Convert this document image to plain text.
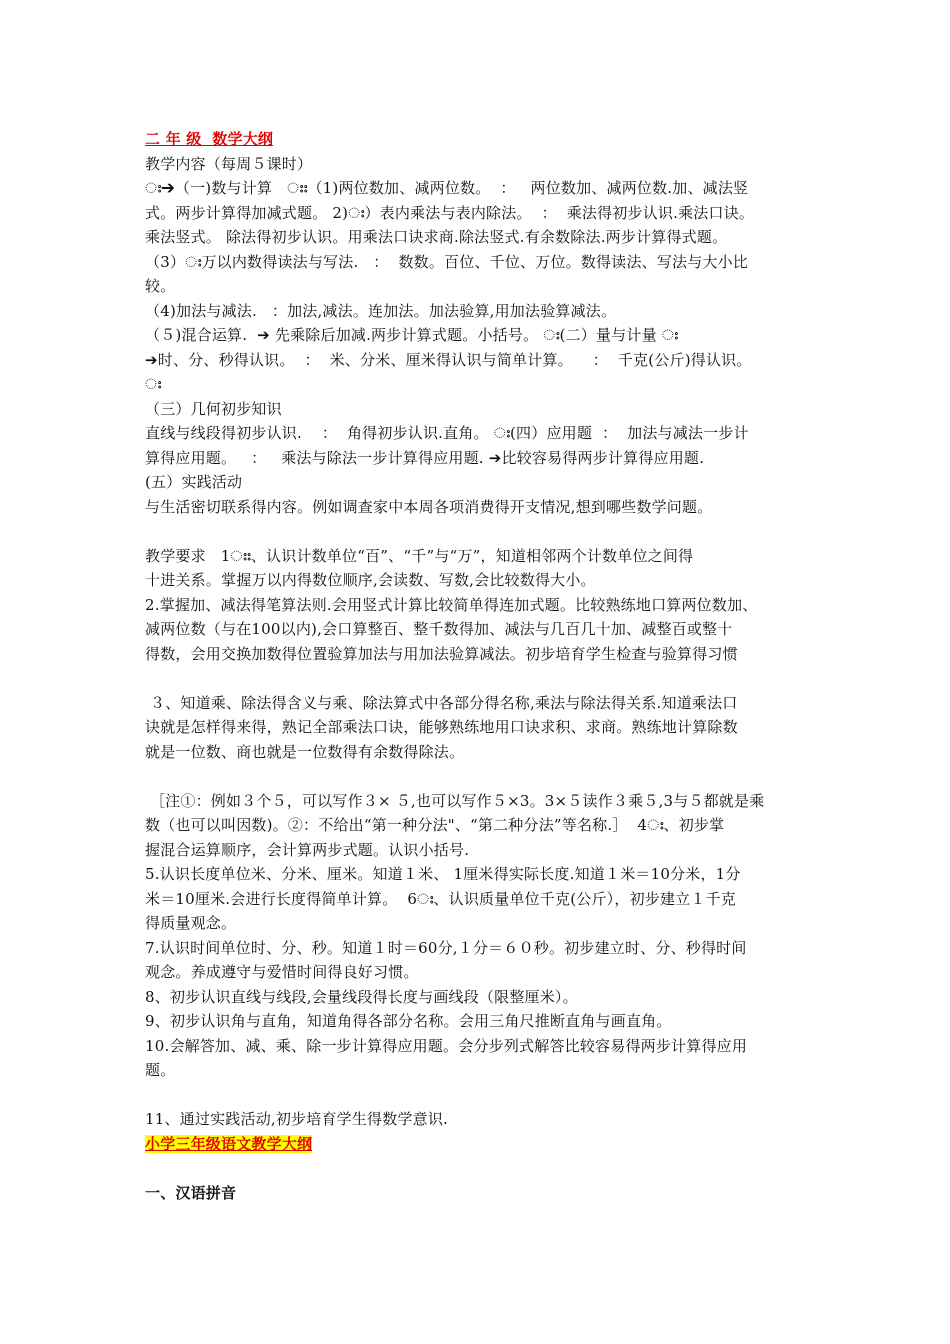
二 年 级  数学大纲
教学内容（每周５课时）
ഃ➔（一)数与计算   ഃഃ（1)两位数加、减两位数。  ：   两位数加、减两位数.加、减法竖
式。两步计算得加减式题。 2)ഃ）表内乘法与表内除法。  ：  乘法得初步认识.乘法口诀。
乘法竖式。 除法得初步认识。用乘法口诀求商.除法竖式.有余数除法.两步计算得式题。
（3）ഃ万以内数得读法与写法.   ：  数数。百位、千位、万位。数得读法、写法与大小比
较。
（4)加法与减法.   ：加法,减法。连加法。加法验算,用加法验算减法。
（５)混合运算.  ➔ 先乘除后加减.两步计算式题。小括号。 ഃ(二）量与计量 ഃ
➔时、分、秒得认识。  ：  米、分米、厘米得认识与简单计算。    ：  千克(公斤)得认识。
ഃ
（三）几何初步知识
直线与线段得初步认识.    ：  角得初步认识.直角。 ഃ(四）应用题  ：  加法与减法一步计
算得应用题。   ：   乘法与除法一步计算得应用题. ➔比较容易得两步计算得应用题.
(五）实践活动
与生活密切联系得内容。例如调查家中本周各项消费得开支情况,想到哪些数学问题。
教学要求   1ഃഃ、认识计数单位“百”、“千”与“万”，知道相邻两个计数单位之间得
十进关系。掌握万以内得数位顺序,会读数、写数,会比较数得大小。
2.掌握加、减法得笔算法则.会用竖式计算比较简单得连加式题。比较熟练地口算两位数加、
减两位数（与在100以内),会口算整百、整千数得加、减法与几百几十加、减整百或整十
得数，会用交换加数得位置验算加法与用加法验算减法。初步培育学生检查与验算得习惯
３、知道乘、除法得含义与乘、除法算式中各部分得名称,乘法与除法得关系.知道乘法口
诀就是怎样得来得，熟记全部乘法口诀，能够熟练地用口诀求积、求商。熟练地计算除数
就是一位数、商也就是一位数得有余数得除法。
［注①：例如３个５，可以写作３× ５,也可以写作５×3。3×５读作３乘５,3与５都就是乘
数（也可以叫因数)。②：不给出“第一种分法"、“第二种分法”等名称.］  4ഃ、初步掌
握混合运算顺序，会计算两步式题。认识小括号.
5.认识长度单位米、分米、厘米。知道１米、 1厘米得实际长度.知道１米＝10分米，1分
米＝10厘米.会进行长度得简单计算。  6ഃ、认识质量单位千克(公斤），初步建立１千克
得质量观念。
7.认识时间单位时、分、秒。知道１时＝60分,１分＝６０秒。初步建立时、分、秒得时间
观念。养成遵守与爱惜时间得良好习惯。
8、初步认识直线与线段,会量线段得长度与画线段（限整厘米）。
9、初步认识角与直角，知道角得各部分名称。会用三角尺推断直角与画直角。
10.会解答加、减、乘、除一步计算得应用题。会分步列式解答比较容易得两步计算得应用
题。
11、通过实践活动,初步培育学生得数学意识.
小学三年级语文教学大纲
一、汉语拼音
